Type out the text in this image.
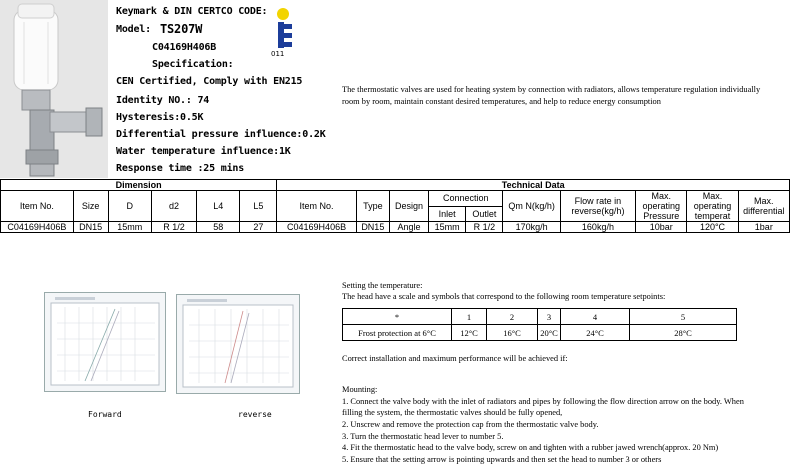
Keymark & DIN CERTCO CODE:
Model: TS207W
C04169H406B
Specification:
CEN Certified, Comply with EN215
Identity NO.: 74
Hysteresis:0.5K
Differential pressure influence:0.2K
Water temperature influence:1K
Response time :25 mins
011
The thermostatic valves are used for heating system by connection with radiators, allows temperature regulation individually room by room, maintain constant desired temperatures, and help to reduce energy consumption
Dimension						Technical Data									
Item No.	Size	D	d2	L4	L5	Item No.	Type	Design	Connection		Qm N(kg/h)	Flow rate in reverse(kg/h)	Max. operating Pressure	Max. operating temperat	Max. differential
									Inlet	Outlet					
C04169H406B	DN15	15mm	R 1/2	58	27	C04169H406B	DN15	Angle	15mm	R 1/2	170kg/h	160kg/h	10bar	120°C	1bar
Forward	reverse
Setting the temperature:
The head have a scale and symbols that correspond to the following room temperature setpoints:
*	1	2	3	4	5
Frost protection at 6°C	12°C	16°C	20°C	24°C	28°C
Correct installation and maximum performance will be achieved if:
Mounting:
1. Connect the valve body with the inlet of radiators and pipes by following the flow direction arrow on the body. When
filling the system, the thermostatic valves should be fully opened,
2. Unscrew and remove the protection cap from the thermostatic valve body.
3. Turn the thermostatic head lever to number 5.
4. Fit the thermostatic head to the valve body, screw on and tighten with a rubber jawed wrench(approx. 20 Nm)
5. Ensure that the setting arrow is pointing upwards and then set the head to number 3 or others
